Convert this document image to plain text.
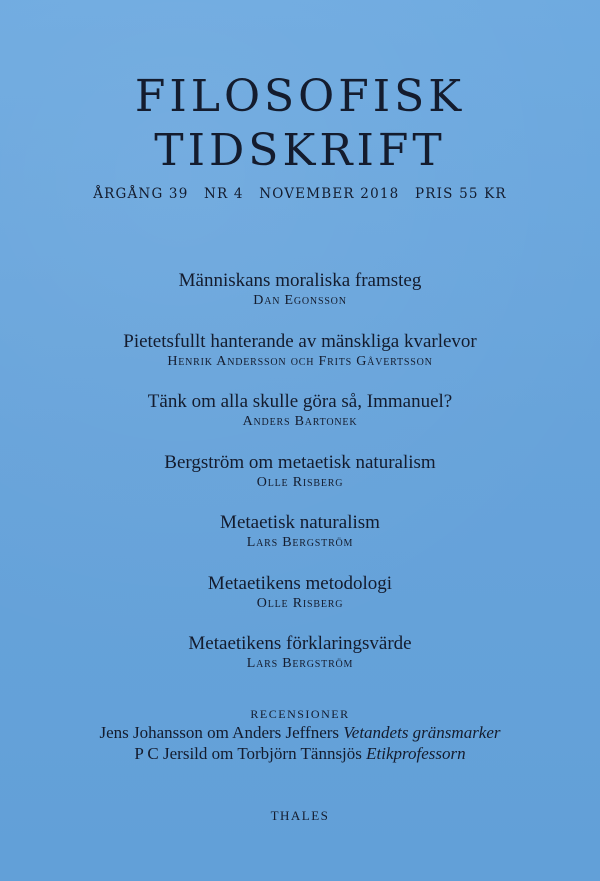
FILOSOFISK
TIDSKRIFT
ÅRGÅNG 39 NR 4 NOVEMBER 2018 PRIS 55 KR
Människans moraliska framsteg
Dan Egonsson
Pietetsfullt hanterande av mänskliga kvarlevor
Henrik Andersson och Frits Gåvertsson
Tänk om alla skulle göra så, Immanuel?
Anders Bartonek
Bergström om metaetisk naturalism
Olle Risberg
Metaetisk naturalism
Lars Bergström
Metaetikens metodologi
Olle Risberg
Metaetikens förklaringsvärde
Lars Bergström
RECENSIONER
Jens Johansson om Anders Jeffners Vetandets gränsmarker
P C Jersild om Torbjörn Tännsjös Etikprofessorn
THALES
